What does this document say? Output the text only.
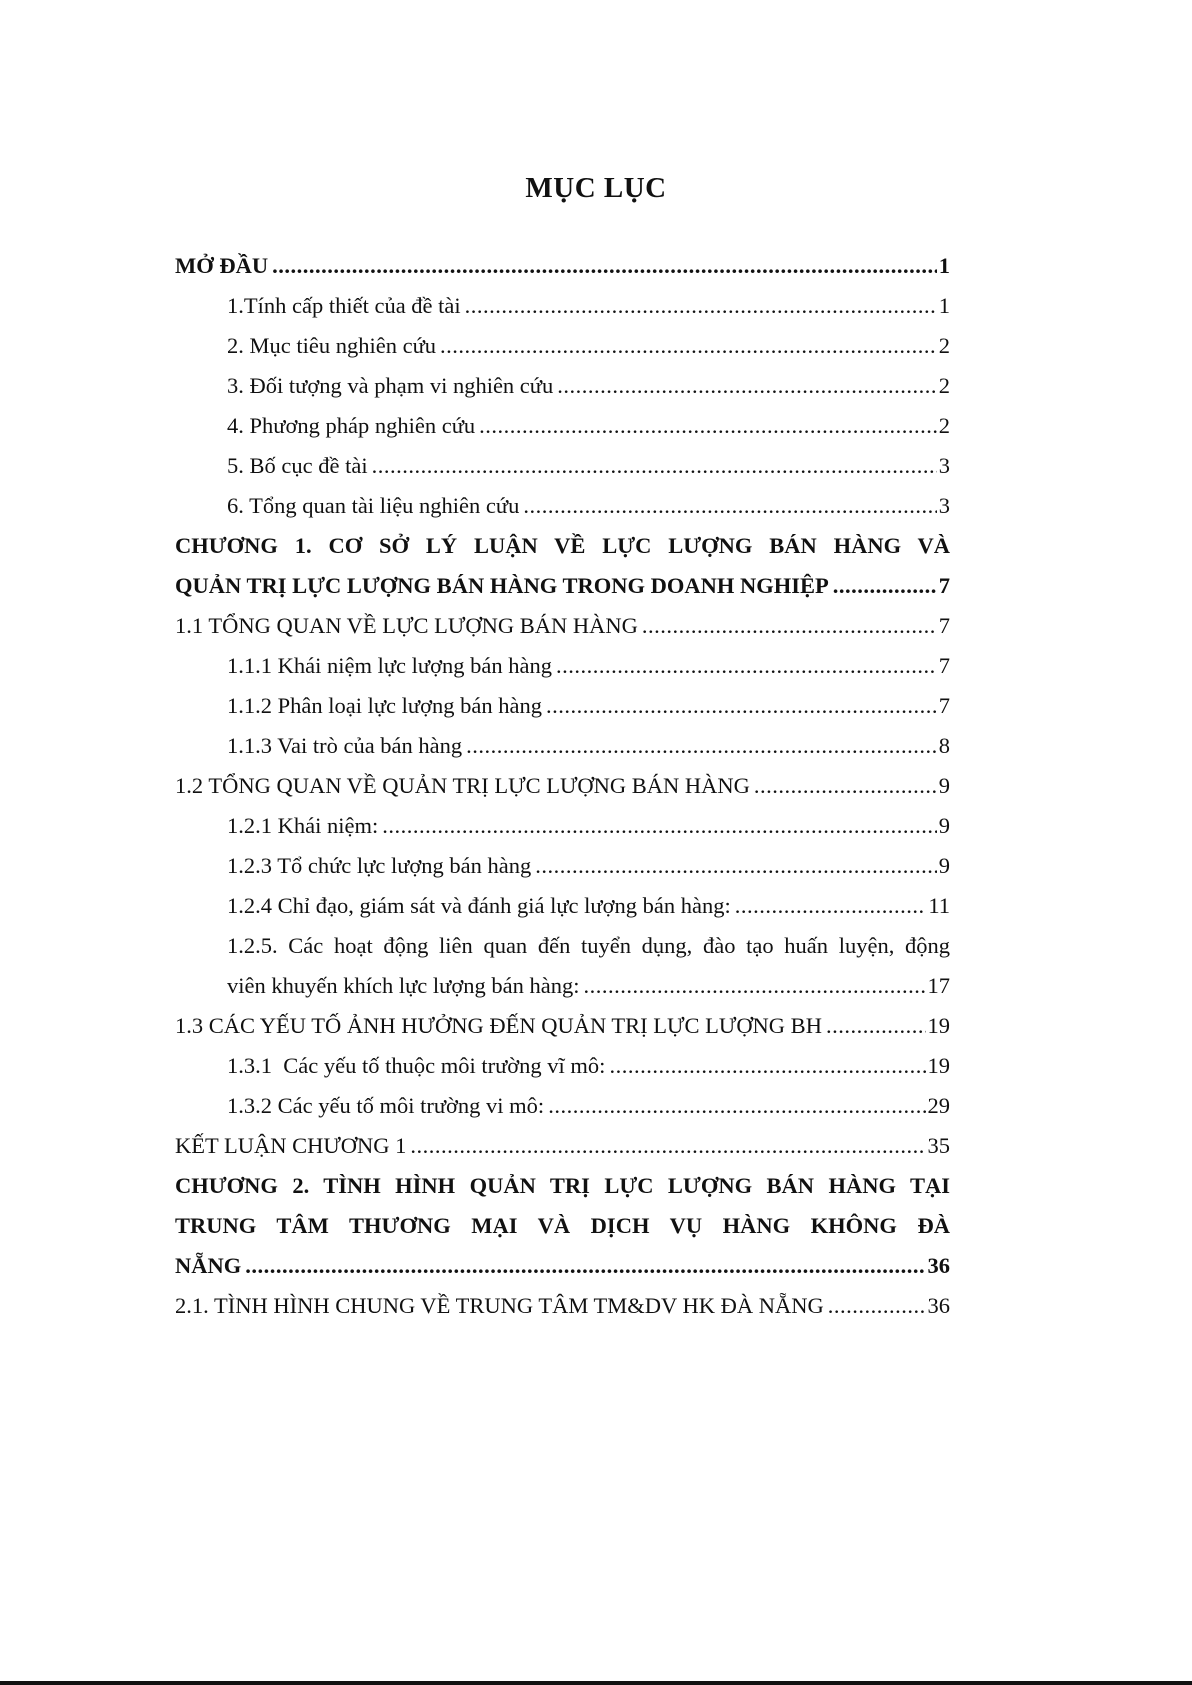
MỤC LỤC
MỞ ĐẦU .....	1
1.Tính cấp thiết của đề tài .....	1
2. Mục tiêu nghiên cứu .....	2
3. Đối tượng và phạm vi nghiên cứu .....	2
4. Phương pháp nghiên cứu .....	2
5. Bố cục đề tài .....	3
6. Tổng quan tài liệu nghiên cứu .....	3
CHƯƠNG 1. CƠ SỞ LÝ LUẬN VỀ LỰC LƯỢNG BÁN HÀNG VÀ
QUẢN TRỊ LỰC LƯỢNG BÁN HÀNG TRONG DOANH NGHIỆP .....	7
1.1 TỔNG QUAN VỀ LỰC LƯỢNG BÁN HÀNG .....	7
1.1.1 Khái niệm lực lượng bán hàng .....	7
1.1.2 Phân loại lực lượng bán hàng .....	7
1.1.3 Vai trò của bán hàng .....	8
1.2 TỔNG QUAN VỀ QUẢN TRỊ LỰC LƯỢNG BÁN HÀNG .....	9
1.2.1 Khái niệm: .....	9
1.2.3 Tổ chức lực lượng bán hàng .....	9
1.2.4 Chỉ đạo, giám sát và đánh giá lực lượng bán hàng: .....	11
1.2.5. Các hoạt động liên quan đến tuyển dụng, đào tạo huấn luyện, động
viên khuyến khích lực lượng bán hàng: .....	17
1.3 CÁC YẾU TỐ ẢNH HƯỞNG ĐẾN QUẢN TRỊ LỰC LƯỢNG BH .....	19
1.3.1  Các yếu tố thuộc môi trường vĩ mô: .....	19
1.3.2 Các yếu tố môi trường vi mô: .....	29
KẾT LUẬN CHƯƠNG 1 .....	35
CHƯƠNG 2. TÌNH HÌNH QUẢN TRỊ LỰC LƯỢNG BÁN HÀNG TẠI
TRUNG TÂM THƯƠNG MẠI VÀ DỊCH VỤ HÀNG KHÔNG ĐÀ
NẴNG .....	36
2.1. TÌNH HÌNH CHUNG VỀ TRUNG TÂM TM&DV HK ĐÀ NẴNG .....	36
